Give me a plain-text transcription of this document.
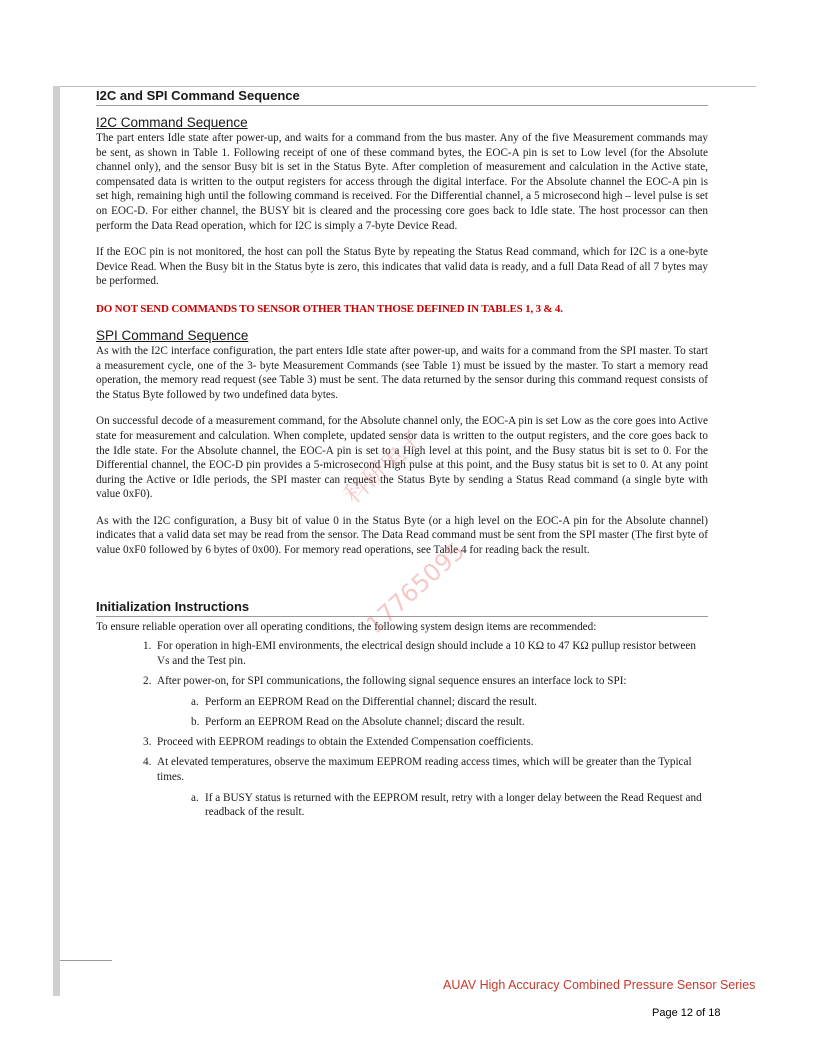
I2C and SPI Command Sequence
I2C Command Sequence

The part enters Idle state after power-up, and waits for a command from the bus master. Any of the five Measurement commands may be sent, as shown in Table 1. Following receipt of one of these command bytes, the EOC-A pin is set to Low level (for the Absolute channel only), and the sensor Busy bit is set in the Status Byte. After completion of measurement and calculation in the Active state, compensated data is written to the output registers for access through the digital interface. For the Absolute channel the EOC-A pin is set high, remaining high until the following command is received. For the Differential channel, a 5 microsecond high – level pulse is set on EOC-D. For either channel, the BUSY bit is cleared and the processing core goes back to Idle state. The host processor can then perform the Data Read operation, which for I2C is simply a 7-byte Device Read.

If the EOC pin is not monitored, the host can poll the Status Byte by repeating the Status Read command, which for I2C is a one-byte Device Read. When the Busy bit in the Status byte is zero, this indicates that valid data is ready, and a full Data Read of all 7 bytes may be performed.

DO NOT SEND COMMANDS TO SENSOR OTHER THAN THOSE DEFINED IN TABLES 1, 3 & 4.

SPI Command Sequence

As with the I2C interface configuration, the part enters Idle state after power-up, and waits for a command from the SPI master. To start a measurement cycle, one of the 3- byte Measurement Commands (see Table 1) must be issued by the master. To start a memory read operation, the memory read request (see Table 3) must be sent. The data returned by the sensor during this command request consists of the Status Byte followed by two undefined data bytes.

On successful decode of a measurement command, for the Absolute channel only, the EOC-A pin is set Low as the core goes into Active state for measurement and calculation. When complete, updated sensor data is written to the output registers, and the core goes back to the Idle state. For the Absolute channel, the EOC-A pin is set to a High level at this point, and the Busy status bit is set to 0. For the Differential channel, the EOC-D pin provides a 5-microsecond High pulse at this point, and the Busy status bit is set to 0. At any point during the Active or Idle periods, the SPI master can request the Status Byte by sending a Status Read command (a single byte with value 0xF0).

As with the I2C configuration, a Busy bit of value 0 in the Status Byte (or a high level on the EOC-A pin for the Absolute channel) indicates that a valid data set may be read from the sensor. The Data Read command must be sent from the SPI master (The first byte of value 0xF0 followed by 6 bytes of 0x00). For memory read operations, see Table 4 for reading back the result.

Initialization Instructions

To ensure reliable operation over all operating conditions, the following system design items are recommended:

1. For operation in high-EMI environments, the electrical design should include a 10 KΩ to 47 KΩ pullup resistor between Vs and the Test pin.
2. After power-on, for SPI communications, the following signal sequence ensures an interface lock to SPI:
a. Perform an EEPROM Read on the Differential channel; discard the result.
b. Perform an EEPROM Read on the Absolute channel; discard the result.
3. Proceed with EEPROM readings to obtain the Extended Compensation coefficients.
4. At elevated temperatures, observe the maximum EEPROM reading access times, which will be greater than the Typical times.
a. If a BUSY status is returned with the EEPROM result, retry with a longer delay between the Read Request and readback of the result.
科研电子
17765095
AUAV High Accuracy Combined Pressure Sensor Series
Page 12 of 18
